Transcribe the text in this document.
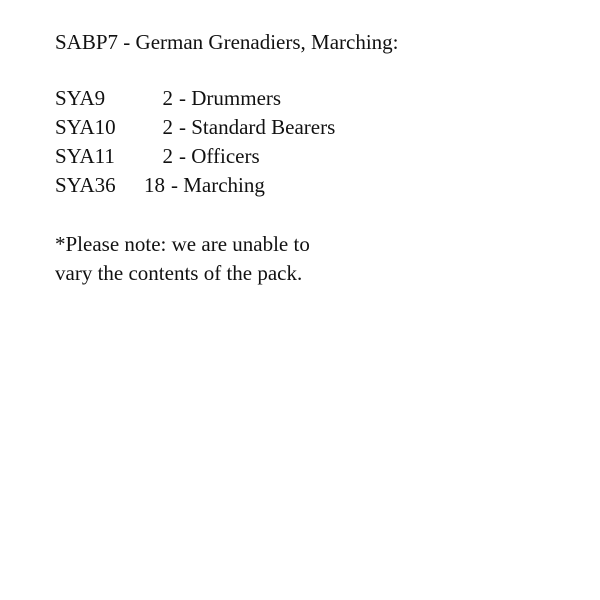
SABP7 - German Grenadiers, Marching:
SYA9	2 - Drummers
SYA10	2 - Standard Bearers
SYA11	2 - Officers
SYA36	18 - Marching
*Please note: we are unable to
vary the contents of the pack.
